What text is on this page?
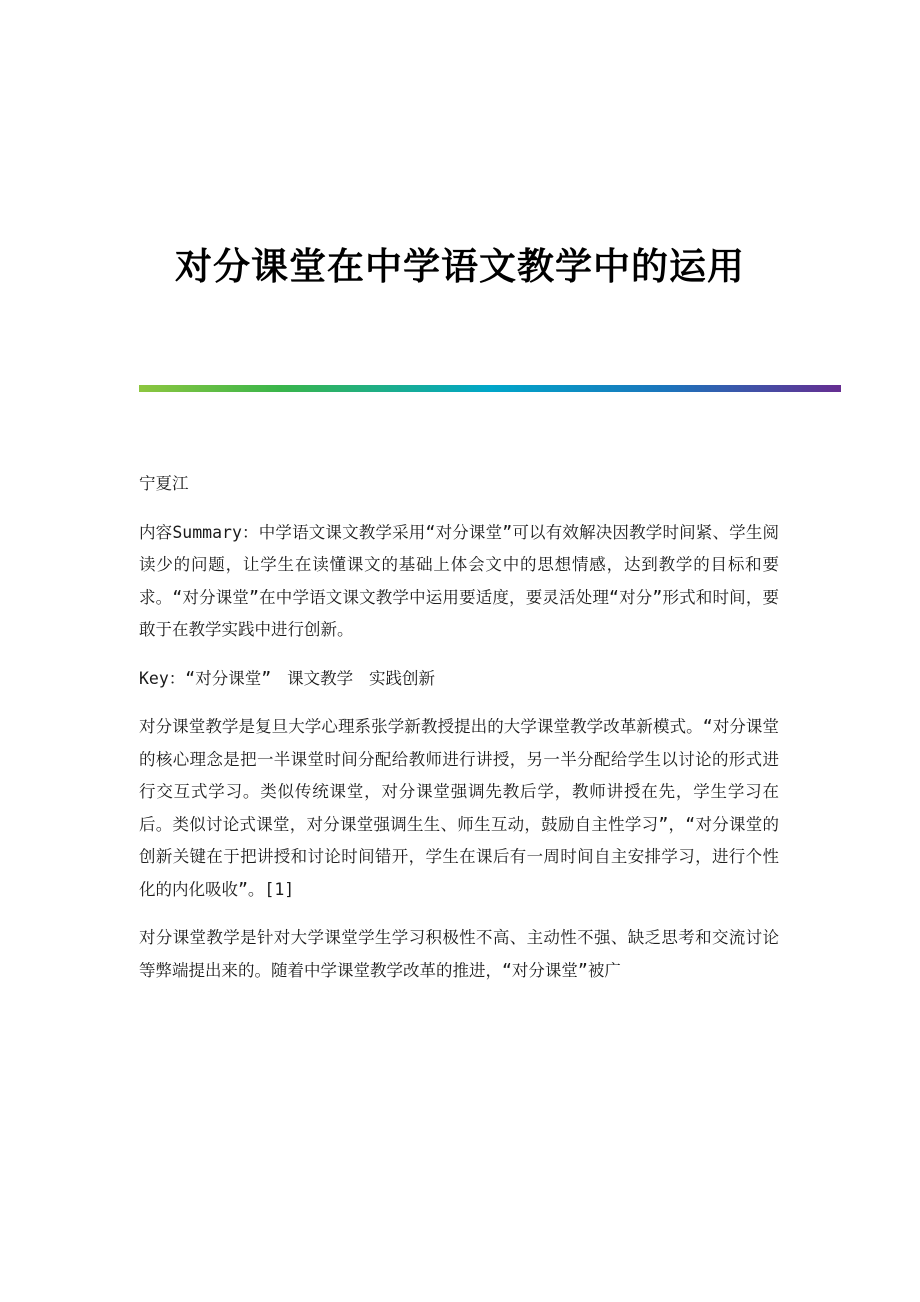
对分课堂在中学语文教学中的运用

宁夏江

内容Summary：中学语文课文教学采用“对分课堂”可以有效解决因教学时间紧、学生阅读少的问题，让学生在读懂课文的基础上体会文中的思想情感，达到教学的目标和要求。“对分课堂”在中学语文课文教学中运用要适度，要灵活处理“对分”形式和时间，要敢于在教学实践中进行创新。

Key：“对分课堂” 课文教学 实践创新

对分课堂教学是复旦大学心理系张学新教授提出的大学课堂教学改革新模式。“对分课堂的核心理念是把一半课堂时间分配给教师进行讲授，另一半分配给学生以讨论的形式进行交互式学习。类似传统课堂，对分课堂强调先教后学，教师讲授在先，学生学习在后。类似讨论式课堂，对分课堂强调生生、师生互动，鼓励自主性学习”，“对分课堂的创新关键在于把讲授和讨论时间错开，学生在课后有一周时间自主安排学习，进行个性化的内化吸收”。[1]

对分课堂教学是针对大学课堂学生学习积极性不高、主动性不强、缺乏思考和交流讨论等弊端提出来的。随着中学课堂教学改革的推进，“对分课堂”被广
